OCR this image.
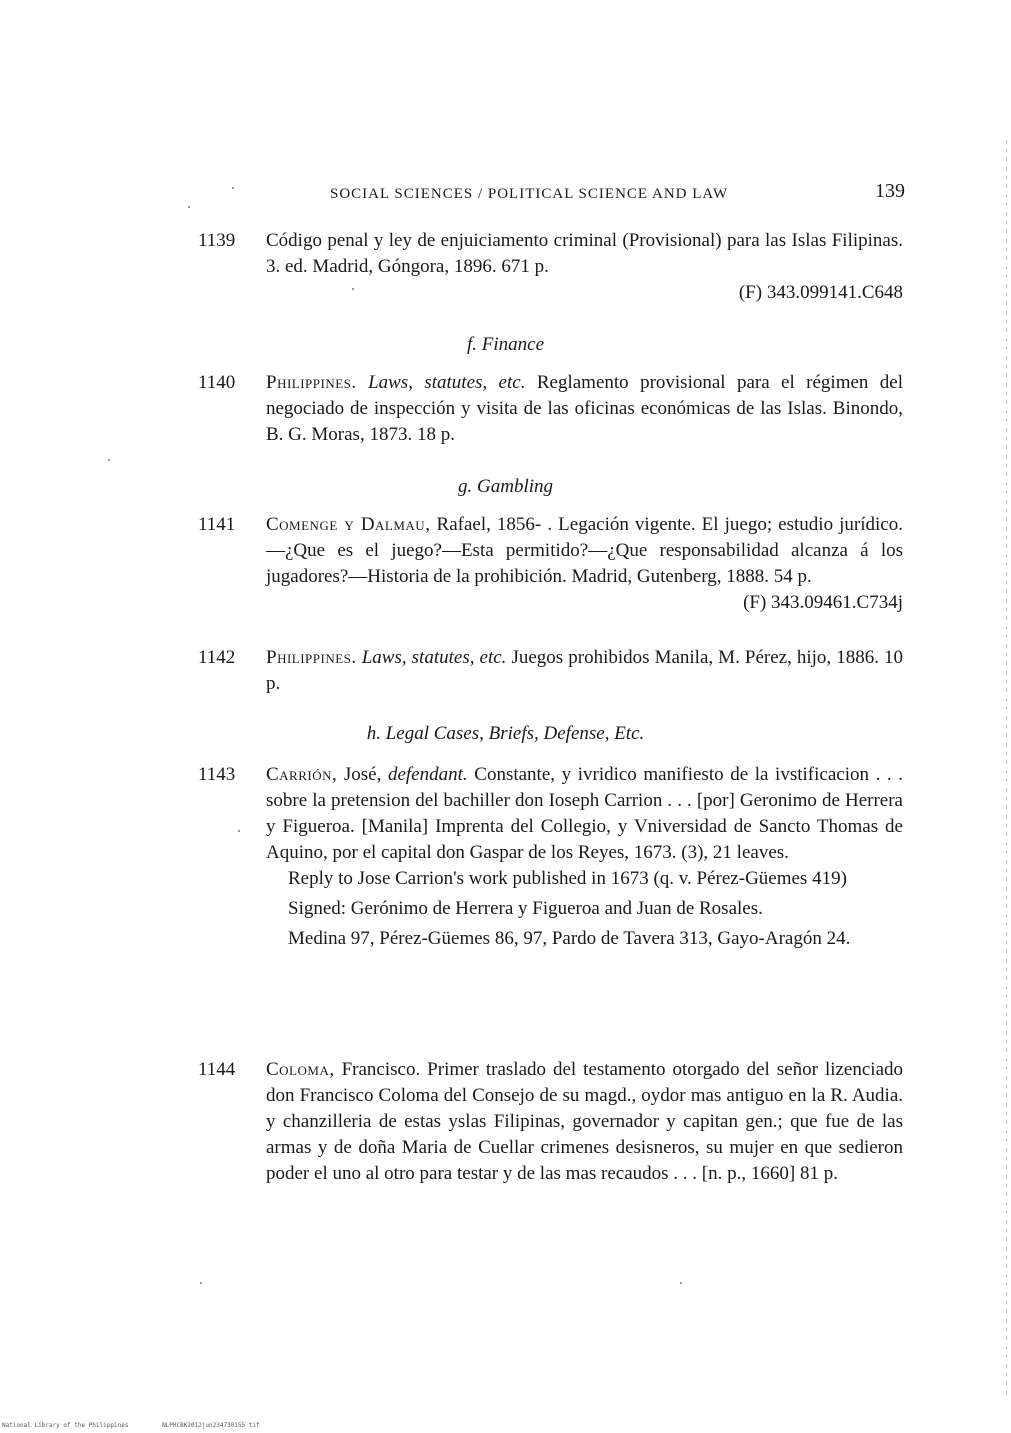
SOCIAL SCIENCES / POLITICAL SCIENCE AND LAW	139
1139	Código penal y ley de enjuiciamento criminal (Provisional) para las Islas Filipinas. 3. ed. Madrid, Góngora, 1896. 671 p.
(F) 343.099141.C648
f. Finance
1140	Philippines. Laws, statutes, etc. Reglamento provisional para el régimen del negociado de inspección y visita de las oficinas económicas de las Islas. Binondo, B. G. Moras, 1873. 18 p.
g. Gambling
1141	Comenge y Dalmau, Rafael, 1856- . Legación vigente. El juego; estudio jurídico.—¿Que es el juego?—Esta permitido?—¿Que responsabilidad alcanza á los jugadores?—Historia de la prohibición. Madrid, Gutenberg, 1888. 54 p.
(F) 343.09461.C734j
1142	Philippines. Laws, statutes, etc. Juegos prohibidos Manila, M. Pérez, hijo, 1886. 10 p.
h. Legal Cases, Briefs, Defense, Etc.
1143	Carrión, José, defendant. Constante, y ivridico manifiesto de la ivstificacion . . . sobre la pretension del bachiller don Ioseph Carrion . . . [por] Geronimo de Herrera y Figueroa. [Manila] Imprenta del Collegio, y Vniversidad de Sancto Thomas de Aquino, por el capital don Gaspar de los Reyes, 1673. (3), 21 leaves.

Reply to Jose Carrion's work published in 1673 (q. v. Pérez-Güemes 419)

Signed: Gerónimo de Herrera y Figueroa and Juan de Rosales.

Medina 97, Pérez-Güemes 86, 97, Pardo de Tavera 313, Gayo-Aragón 24.

1144	Coloma, Francisco. Primer traslado del testamento otorgado del señor lizenciado don Francisco Coloma del Consejo de su magd., oydor mas antiguo en la R. Audia. y chanzilleria de estas yslas Filipinas, governador y capitan gen.; que fue de las armas y de doña Maria de Cuellar crimenes desisneros, su mujer en que sedieron poder el uno al otro para testar y de las mas recaudos . . . [n. p., 1660] 81 p.
National Library of the Philippines	NLPHCBK2012jun234730155 tif
